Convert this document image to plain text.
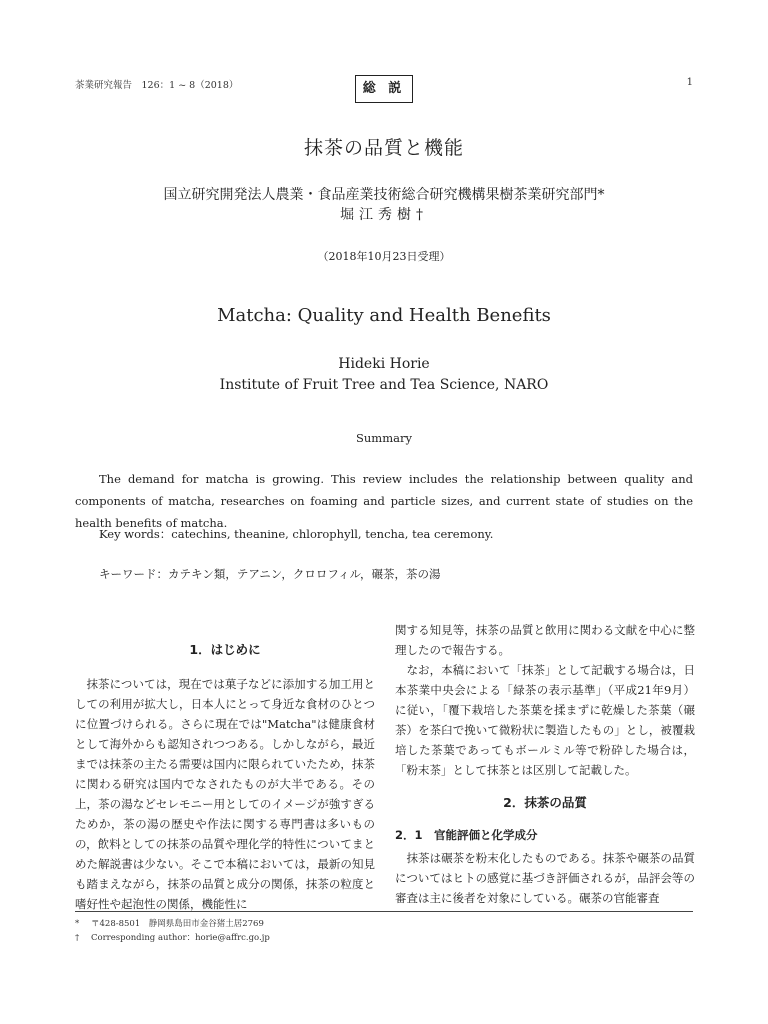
茶業研究報告　126：1 ~ 8（2018）	総 説	1
抹茶の品質と機能
国立研究開発法人農業・食品産業技術総合研究機構果樹茶業研究部門*
堀江秀樹†
（2018年10月23日受理）
Matcha: Quality and Health Benefits
Hideki Horie
Institute of Fruit Tree and Tea Science, NARO
Summary
The demand for matcha is growing. This review includes the relationship between quality and components of matcha, researches on foaming and particle sizes, and current state of studies on the health benefits of matcha.
Key words：catechins, theanine, chlorophyll, tencha, tea ceremony.
キーワード：カテキン類，テアニン，クロロフィル，碾茶，茶の湯
1．はじめに

抹茶については，現在では菓子などに添加する加工用としての利用が拡大し，日本人にとって身近な食材のひとつに位置づけられる。さらに現在では"Matcha"は健康食材として海外からも認知されつつある。しかしながら，最近までは抹茶の主たる需要は国内に限られていたため，抹茶に関わる研究は国内でなされたものが大半である。その上，茶の湯などセレモニー用としてのイメージが強すぎるためか，茶の湯の歴史や作法に関する専門書は多いものの，飲料としての抹茶の品質や理化学的特性についてまとめた解説書は少ない。そこで本稿においては，最新の知見も踏まえながら，抹茶の品質と成分の関係，抹茶の粒度と嗜好性や起泡性の関係，機能性に

関する知見等，抹茶の品質と飲用に関わる文献を中心に整理したので報告する。

なお，本稿において「抹茶」として記載する場合は，日本茶業中央会による「緑茶の表示基準」（平成21年9月）に従い，「覆下栽培した茶葉を揉まずに乾燥した茶葉（碾茶）を茶臼で挽いて微粉状に製造したもの」とし，被覆栽培した茶葉であってもボールミル等で粉砕した場合は，「粉末茶」として抹茶とは区別して記載した。

2．抹茶の品質
2．1　官能評価と化学成分

抹茶は碾茶を粉末化したものである。抹茶や碾茶の品質についてはヒトの感覚に基づき評価されるが，品評会等の審査は主に後者を対象にしている。碾茶の官能審査

* 〒428-8501　静岡県島田市金谷猪土居2769
† Corresponding author：horie@affrc.go.jp
